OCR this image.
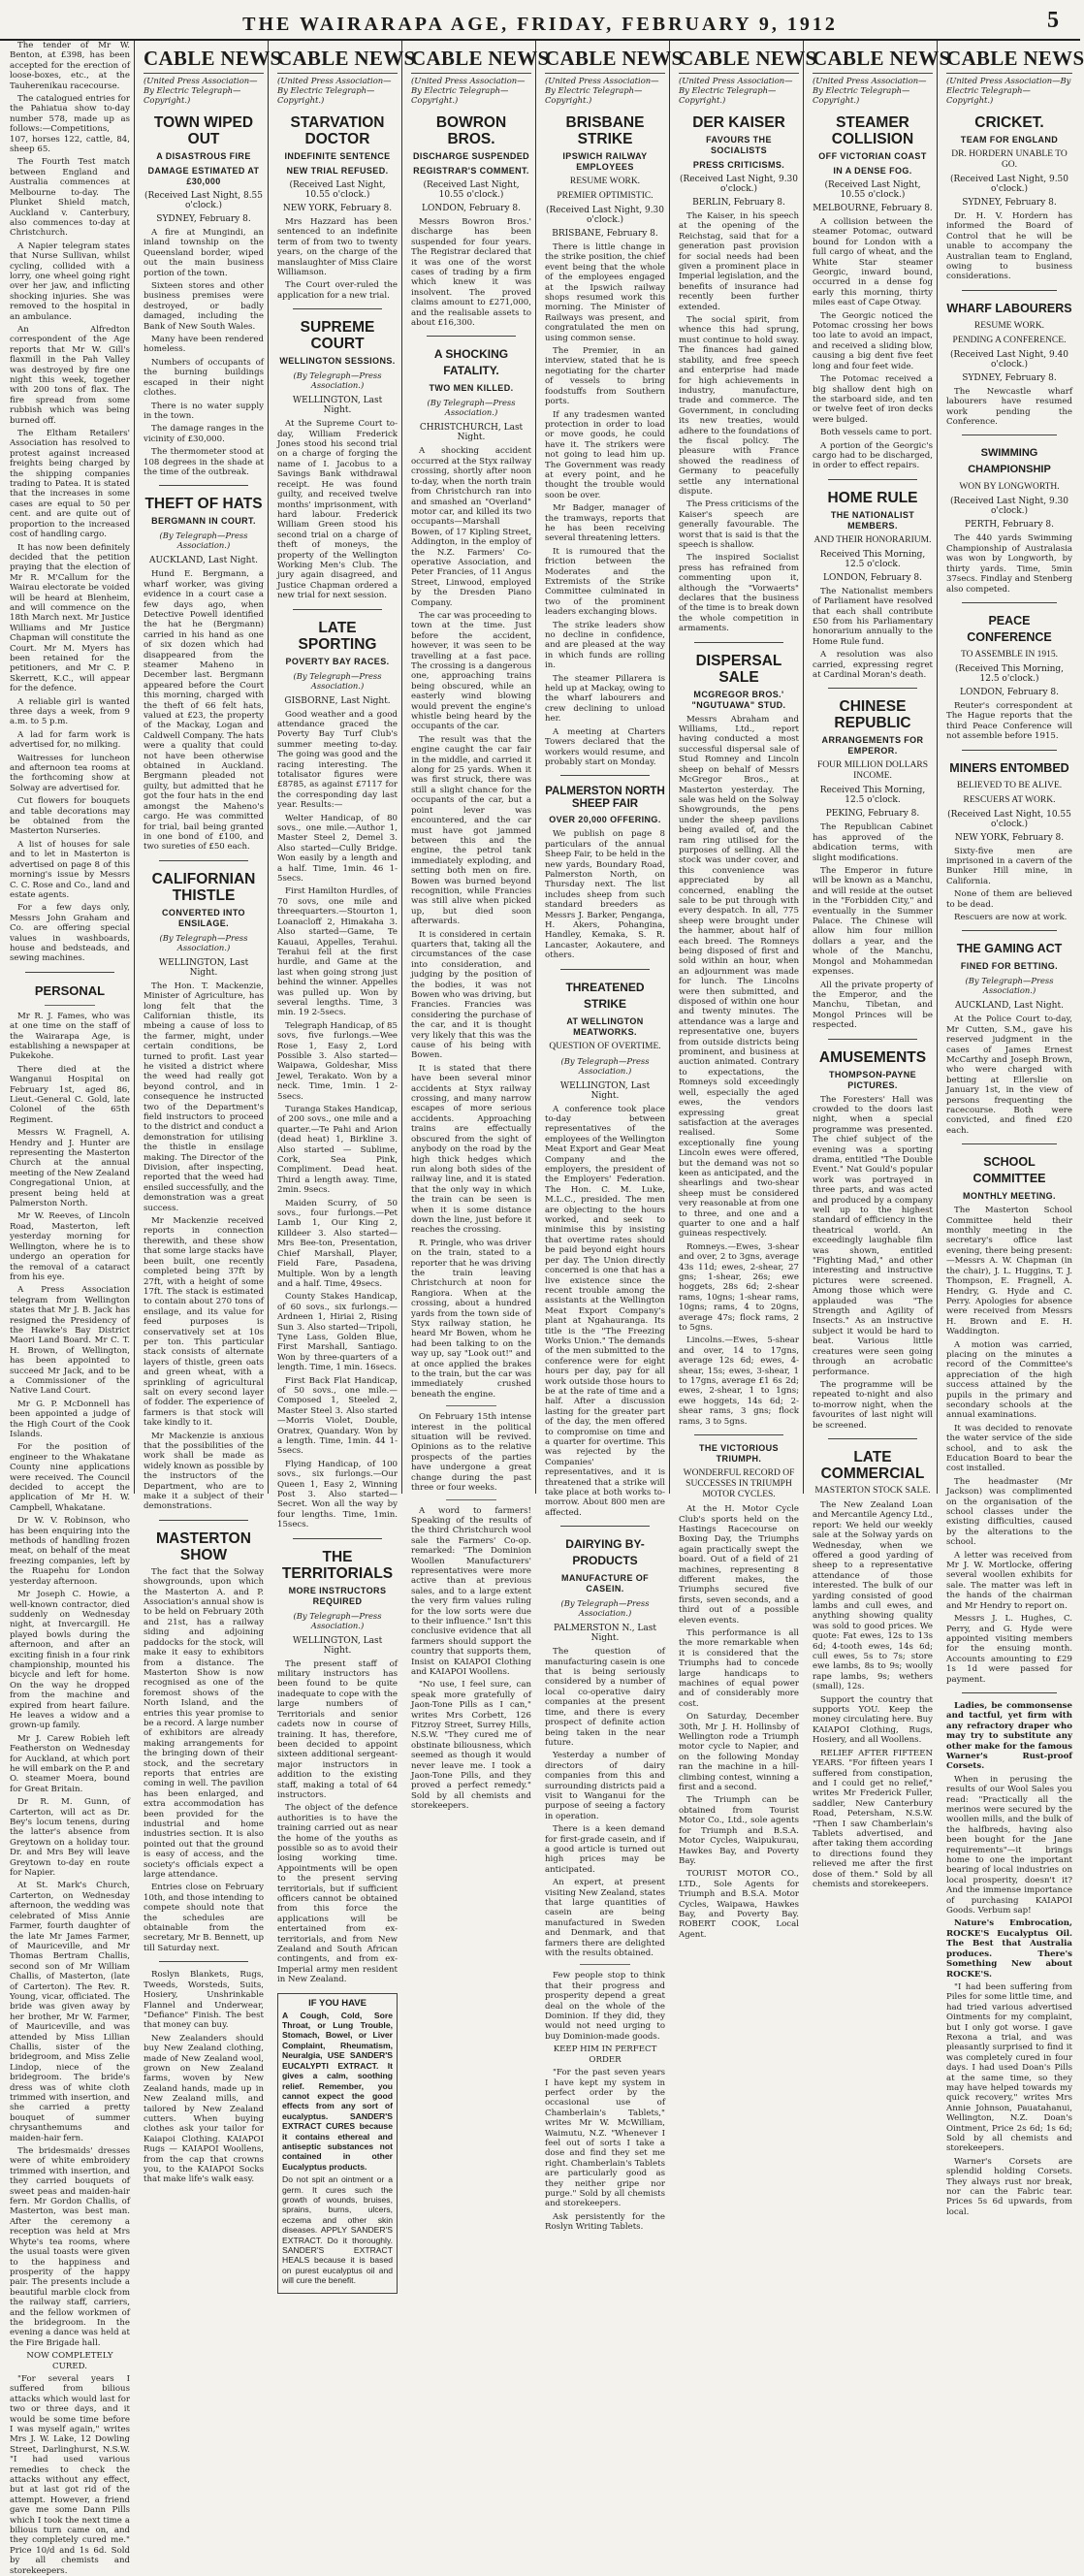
THE WAIRARAPA AGE, FRIDAY, FEBRUARY 9, 1912	5

The tender of Mr W. Benton, at £398, has been accepted for the erection of loose-boxes, etc., at the Tauherenikau racecourse.

The catalogued entries for the Pahiatua show to-day number 578, made up as follows:—Competitions, 107, horses 122, cattle, 84, sheep 65.

The Fourth Test match between England and Australia commences at Melbourne to-day. The Plunket Shield match, Auckland v. Canterbury, also commences to-day at Christchurch.

A Napier telegram states that Nurse Sullivan, whilst cycling, collided with a lorry, one wheel going right over her jaw, and inflicting shocking injuries. She was removed to the hospital in an ambulance.

An Alfredton correspondent of the Age reports that Mr W. Gill's flaxmill in the Pah Valley was destroyed by fire one night this week, together with 200 tons of flax. The fire spread from some rubbish which was being burned off.

The Eltham Retailers' Association has resolved to protest against increased freights being charged by the shipping companies trading to Patea. It is stated that the increases in some cases are equal to 50 per cent. and are quite out of proportion to the increased cost of handling cargo.

It has now been definitely decided that the petition praying that the election of Mr R. M'Callum for the Wairau electorate be voided will be heard at Blenheim, and will commence on the 18th March next. Mr Justice Williams and Mr Justice Chapman will constitute the Court. Mr M. Myers has been retained for the petitioners, and Mr C. P. Skerrett, K.C., will appear for the defence.

A reliable girl is wanted three days a week, from 9 a.m. to 5 p.m.

A lad for farm work is advertised for, no milking.

Waitresses for luncheon and afternoon tea rooms at the forthcoming show at Solway are advertised for.

Cut flowers for bouquets and table decorations may be obtained from the Masterton Nurseries.

A list of houses for sale and to let in Masterton is advertised on page 8 of this morning's issue by Messrs C. C. Rose and Co., land and estate agents.

For a few days only, Messrs John Graham and Co. are offering special values in washboards, house and bedsteads, and sewing machines.

PERSONAL

Mr R. J. Fames, who was at one time on the staff of the Wairarapa Age, is establishing a newspaper at Pukekohe.

There died at the Wanganui Hospital on February 1st, aged 86, Lieut.-General C. Gold, late Colonel of the 65th Regiment.

Messrs W. Fragnell, A. Hendry and J. Hunter are representing the Masterton Church at the annual meeting of the New Zealand Congregational Union, at present being held at Palmerston North.

Mr W. Reeves, of Lincoln Road, Masterton, left yesterday morning for Wellington, where he is to undergo an operation for the removal of a cataract from his eye.

A Press Association telegram from Wellington states that Mr J. B. Jack has resigned the Presidency of the Hawke's Bay District Maori Land Board. Mr C. T. H. Brown, of Wellington, has been appointed to succeed Mr Jack, and to be a Commissioner of the Native Land Court.

Mr G. P. McDonnell has been appointed a judge of the High Court of the Cook Islands.

For the position of engineer to the Whakatane County nine applications were received. The Council decided to accept the application of Mr H. W. Campbell, Whakatane.

Dr W. V. Robinson, who has been enquiring into the methods of handling frozen meat, on behalf of the meat freezing companies, left by the Ruapehu for London yesterday afternoon.

Mr Joseph C. Howie, a well-known contractor, died suddenly on Wednesday night, at Invercargill. He played bowls during the afternoon, and after an exciting finish in a four rink championship, mounted his bicycle and left for home. On the way he dropped from the machine and expired from heart failure. He leaves a widow and a grown-up family.

Mr J. Carew Robieh left Featherston on Wednesday for Auckland, at which port he will embark on the P. and O. steamer Moera, bound for Great Britain.

Dr R. M. Gunn, of Carterton, will act as Dr. Bey's locum tenens, during the latter's absence from Greytown on a holiday tour. Dr. and Mrs Bey will leave Greytown to-day en route for Napier.

At St. Mark's Church, Carterton, on Wednesday afternoon, the wedding was celebrated of Miss Annie Farmer, fourth daughter of the late Mr James Farmer, of Mauriceville, and Mr Thomas Bertram Challis, second son of Mr William Challis, of Masterton, (late of Carterton). The Rev. R. Young, vicar, officiated. The bride was given away by her brother, Mr W. Farmer, of Mauriceville, and was attended by Miss Lillian Challis, sister of the bridegroom, and Miss Zelie Lindop, niece of the bridegroom. The bride's dress was of white cloth trimmed with insertion, and she carried a pretty bouquet of summer chrysanthemums and maiden-hair fern.

The bridesmaids' dresses were of white embroidery trimmed with insertion, and they carried bouquets of sweet peas and maiden-hair fern. Mr Gordon Challis, of Masterton, was best man. After the ceremony a reception was held at Mrs Whyte's tea rooms, where the usual toasts were given to the happiness and prosperity of the happy pair. The presents include a beautiful marble clock from the railway staff, carriers, and the fellow workmen of the bridegroom. In the evening a dance was held at the Fire Brigade hall.

NOW COMPLETELY CURED.

"For several years I suffered from bilious attacks which would last for two or three days, and it would be some time before I was myself again," writes Mrs J. W. Lake, 12 Dowling Street, Darlinghurst, N.S.W. "I had used various remedies to check the attacks without any effect, but at last got rid of the attempt. However, a friend gave me some Dann Pills which I took the next time a bilious turn came on, and they completely cured me." Price 10/d and 1s 6d. Sold by all chemists and storekeepers.

CABLE NEWS
(United Press Association—By Electric Telegraph—Copyright.)
TOWN WIPED OUT
A DISASTROUS FIRE
DAMAGE ESTIMATED AT £30,000
(Received Last Night, 8.55 o'clock.)
SYDNEY, February 8.

A fire at Mungindi, an inland township on the Queensland border, wiped out the main business portion of the town.

Sixteen stores and other business premises were destroyed, or badly damaged, including the Bank of New South Wales.

Many have been rendered homeless.

Numbers of occupants of the burning buildings escaped in their night clothes.

There is no water supply in the town.

The damage ranges in the vicinity of £30,000.

The thermometer stood at 108 degrees in the shade at the time of the outbreak.

THEFT OF HATS
BERGMANN IN COURT.
(By Telegraph—Press Association.)
AUCKLAND, Last Night.

Hund E. Bergmann, a wharf worker, was giving evidence in a court case a few days ago, when Detective Powell identified the hat he (Bergmann) carried in his hand as one of six dozen which had disappeared from the steamer Maheno in December last. Bergmann appeared before the Court this morning, charged with the theft of 66 felt hats, valued at £23, the property of the Mackay, Logan and Caldwell Company. The hats were a quality that could not have been otherwise obtained in Auckland. Bergmann pleaded not guilty, but admitted that he got the four hats in the end amongst the Maheno's cargo. He was committed for trial, bail being granted in one bond of £100, and two sureties of £50 each.

CALIFORNIAN THISTLE
CONVERTED INTO ENSILAGE.
(By Telegraph—Press Association.)
WELLINGTON, Last Night.

The Hon. T. Mackenzie, Minister of Agriculture, has long felt that the Californian thistle, its mbeing a cause of loss to the farmer, might, under certain conditions, be turned to profit. Last year he visited a district where the weed had really got beyond control, and in consequence he instructed two of the Department's field instructors to proceed to the district and conduct a demonstration for utilising the thistle in ensilage making. The Director of the Division, after inspecting, reported that the weed had ensiled successfully, and the demonstration was a great success.

Mr Mackenzie received reports in connection therewith, and these show that some large stacks have been built, one recently completed being 37ft by 27ft, with a height of some 17ft. The stack is estimated to contain about 270 tons of ensilage, and its value for feed purposes is conservatively set at 10s per ton. This particular stack consists of alternate layers of thistle, green oats and green wheat, with a sprinkling of agricultural salt on every second layer of fodder. The experience of farmers is that stock will take kindly to it.

Mr Mackenzie is anxious that the possibilities of the work shall be made as widely known as possible by the instructors of the Department, who are to make it a subject of their demonstrations.

MASTERTON SHOW

The fact that the Solway showgrounds, upon which the Masterton A. and P. Association's annual show is to be held on February 20th and 21st, has a railway siding and adjoining paddocks for the stock, will make it easy to exhibitors from a distance. The Masterton Show is now recognised as one of the foremost shows of the North Island, and the entries this year promise to be a record. A large number of exhibitors are already making arrangements for the bringing down of their stock, and the secretary reports that entries are coming in well. The pavilion has been enlarged, and extra accommodation has been provided for the industrial and home industries section. It is also pointed out that the ground is easy of access, and the society's officials expect a large attendance.

Entries close on February 10th, and those intending to compete should note that the schedules are obtainable from the secretary, Mr B. Bennett, up till Saturday next.

Roslyn Blankets, Rugs, Tweeds, Worsteds, Suits, Hosiery, Unshrinkable Flannel and Underwear, "Defiance" Finish. The best that money can buy.

New Zealanders should buy New Zealand clothing, made of New Zealand wool, grown on New Zealand farms, woven by New Zealand hands, made up in New Zealand mills, and tailored by New Zealand cutters. When buying clothes ask your tailor for Kaiapoi Clothing. KAIAPOI Rugs — KAIAPOI Woollens, from the cap that crowns you, to the KAIAPOI Socks that make life's walk easy.

CABLE NEWS
(United Press Association—By Electric Telegraph—Copyright.)
STARVATION DOCTOR
INDEFINITE SENTENCE
NEW TRIAL REFUSED.
(Received Last Night, 10.55 o'clock.)
NEW YORK, February 8.

Mrs Hazzard has been sentenced to an indefinite term of from two to twenty years, on the charge of the manslaughter of Miss Claire Williamson.

The Court over-ruled the application for a new trial.

SUPREME COURT
WELLINGTON SESSIONS.
(By Telegraph—Press Association.)
WELLINGTON, Last Night.

At the Supreme Court to-day, William Frederick Jones stood his second trial on a charge of forging the name of I. Jacobus to a Savings Bank withdrawal receipt. He was found guilty, and received twelve months' imprisonment, with hard labour. Frederick William Green stood his second trial on a charge of theft of moneys, the property of the Wellington Working Men's Club. The jury again disagreed, and Justice Chapman ordered a new trial for next session.

LATE SPORTING
POVERTY BAY RACES.
(By Telegraph—Press Association.)
GISBORNE, Last Night.

Good weather and a good attendance graced the Poverty Bay Turf Club's summer meeting to-day. The going was good and the racing interesting. The totalisator figures were £8785, as against £7117 for the corresponding day last year. Results:—

Welter Handicap, of 80 sovs., one mile.—Author 1, Master Steel 2, Demel 3. Also started—Cully Bridge. Won easily by a length and a half. Time, 1min. 46 1-5secs.

First Hamilton Hurdles, of 70 sovs, one mile and threequarters.—Stourton 1, Loanacloff 2, Himakaha 3. Also started—Game, Te Kauaui, Appelles, Terahui. Terahui fell at the first hurdle, and Game at the last when going strong just behind the winner. Appelles was pulled up. Won by several lengths. Time, 3 min. 19 2-5secs.

Telegraph Handicap, of 85 sovs, five furlongs.—Wee Rose 1, Easy 2, Lord Possible 3. Also started—Waipawa, Goldeshar, Miss Jewel, Terakato. Won by a neck. Time, 1min. 1 2-5secs.

Turanga Stakes Handicap, of 200 sovs., one mile and a quarter.—Te Pahi and Arion (dead heat) 1, Birkline 3. Also started — Sublime, Cork, Sea Pink, Compliment. Dead heat. Third a length away. Time, 2min. 9secs.

Maiden Scurry, of 50 sovs., four furlongs.—Pet Lamb 1, Our King 2, Killdeer 3. Also started—Mrs Bee-ton, Presentation, Chief Marshall, Player, Field Fare, Pasadena, Multiple. Won by a length and a half. Time, 49secs.

County Stakes Handicap, of 60 sovs., six furlongs.—Ardneen 1, Hiriai 2, Rising Sun 3. Also started—Tripoli, Tyne Lass, Golden Blue, First Marshall, Santiago. Won by three-quarters of a length. Time, 1 min. 16secs.

First Back Flat Handicap, of 50 sovs., one mile.—Composed 1, Steeled 2, Master Steel 3. Also started—Morris Violet, Double, Oratrex, Quandary. Won by a length. Time, 1min. 44 1-5secs.

Flying Handicap, of 100 sovs., six furlongs.—Our Queen 1, Easy 2, Winning Post 3. Also started—Secret. Won all the way by four lengths. Time, 1min. 15secs.

THE TERRITORIALS
MORE INSTRUCTORS REQUIRED
(By Telegraph—Press Association.)
WELLINGTON, Last Night.

The present staff of military instructors has been found to be quite inadequate to cope with the large numbers of Territorials and senior cadets now in course of training. It has, therefore, been decided to appoint sixteen additional sergeant-major instructors in addition to the existing staff, making a total of 64 instructors.

The object of the defence authorities is to have the training carried out as near the home of the youths as possible so as to avoid their losing working time. Appointments will be open to the present serving territorials, but if sufficient officers cannot be obtained from this force the applications will be entertained from ex-territorials, and from New Zealand and South African contingents, and from ex-Imperial army men resident in New Zealand.

IF YOU HAVE

A Cough, Cold, Sore Throat, or Lung Trouble, Stomach, Bowel, or Liver Complaint, Rheumatism, Neuralgia, USE SANDER'S EUCALYPTI EXTRACT. It gives a calm, soothing relief. Remember, you cannot expect the good effects from any sort of eucalyptus. SANDER'S EXTRACT CURES because it contains ethereal and antiseptic substances not contained in other Eucalyptus products.

Do not spit an ointment or a germ. It cures such the growth of wounds, bruises, sprains, burns, ulcers, eczema and other skin diseases. APPLY SANDER'S EXTRACT. Do it thoroughly. SANDER'S EXTRACT HEALS because it is based on purest eucalyptus oil and will cure the benefit.

CABLE NEWS
(United Press Association—By Electric Telegraph—Copyright.)
BOWRON BROS.
DISCHARGE SUSPENDED
REGISTRAR'S COMMENT.
(Received Last Night, 10.55 o'clock.)
LONDON, February 8.

Messrs Bowron Bros.' discharge has been suspended for four years. The Registrar declared that it was one of the worst cases of trading by a firm which knew it was insolvent. The proved claims amount to £271,000, and the realisable assets to about £16,300.

A SHOCKING FATALITY.
TWO MEN KILLED.
(By Telegraph—Press Association.)
CHRISTCHURCH, Last Night.

A shocking accident occurred at the Styx railway crossing, shortly after noon to-day, when the north train from Christchurch ran into and smashed an "Overland" motor car, and killed its two occupants—Marshall Bowen, of 17 Kipling Street, Addington, in the employ of the N.Z. Farmers' Co-operative Association, and Peter Francies, of 11 Angus Street, Linwood, employed by the Dresden Piano Company.

The car was proceeding to town at the time. Just before the accident, however, it was seen to be travelling at a fast pace. The crossing is a dangerous one, approaching trains being obscured, while an easterly wind blowing would prevent the engine's whistle being heard by the occupants of the car.

The result was that the engine caught the car fair in the middle, and carried it along for 25 yards. When it was first struck, there was still a slight chance for the occupants of the car, but a point lever was encountered, and the car must have got jammed between this and the engine, the petrol tank immediately exploding, and setting both men on fire. Bowen was burned beyond recognition, while Francies was still alive when picked up, but died soon afterwards.

It is considered in certain quarters that, taking all the circumstances of the case into consideration, and judging by the position of the bodies, it was not Bowen who was driving, but Francies. Francies was considering the purchase of the car, and it is thought very likely that this was the cause of his being with Bowen.

It is stated that there have been several minor accidents at Styx railway crossing, and many narrow escapes of more serious accidents. Approaching trains are effectually obscured from the sight of anybody on the road by the high thick hedges which run along both sides of the railway line, and it is stated that the only way in which the train can be seen is when it is some distance down the line, just before it reaches the crossing.

R. Pringle, who was driver on the train, stated to a reporter that he was driving the train leaving Christchurch at noon for Rangiora. When at the crossing, about a hundred yards from the town side of Styx railway station, he heard Mr Bowen, whom he had been talking to on the way up, say "Look out!" and at once applied the brakes to the train, but the car was immediately crushed beneath the engine.

On February 15th intense interest in the political situation will be revived. Opinions as to the relative prospects of the parties have undergone a great change during the past three or four weeks.

A word to farmers! Speaking of the results of the third Christchurch wool sale the Farmers' Co-op. remarked: "The Dominion Woollen Manufacturers' representatives were more active than at previous sales, and to a large extent the very firm values ruling for the low sorts were due to their influence." Isn't this conclusive evidence that all farmers should support the country that supports them, Insist on KAIAPOI Clothing and KAIAPOI Woollens.

"No use, I feel sure, can speak more gratefully of Jaon-Tone Pills as I can," writes Mrs Corbett, 126 Fitzroy Street, Surrey Hills, N.S.W. "They cured me of obstinate biliousness, which seemed as though it would never leave me. I took a Jaon-Tone Pills, and they proved a perfect remedy." Sold by all chemists and storekeepers.

CABLE NEWS
(United Press Association—By Electric Telegraph—Copyright.)
BRISBANE STRIKE
IPSWICH RAILWAY EMPLOYEES
RESUME WORK.
PREMIER OPTIMISTIC.
(Received Last Night, 9.30 o'clock.)
BRISBANE, February 8.

There is little change in the strike position, the chief event being that the whole of the employees engaged at the Ipswich railway shops resumed work this morning. The Minister of Railways was present, and congratulated the men on using common sense.

The Premier, in an interview, stated that he is negotiating for the charter of vessels to bring foodstuffs from Southern ports.

If any tradesmen wanted protection in order to load or move goods, he could have it. The strikers were not going to lead him up. The Government was ready at every point, and he thought the trouble would soon be over.

Mr Badger, manager of the tramways, reports that he has been receiving several threatening letters.

It is rumoured that the friction between the Moderates and the Extremists of the Strike Committee culminated in two of the prominent leaders exchanging blows.

The strike leaders show no decline in confidence, and are pleased at the way in which funds are rolling in.

The steamer Pillarera is held up at Mackay, owing to the wharf labourers and crew declining to unload her.

A meeting at Charters Towers declared that the workers would resume, and probably start on Monday.

PALMERSTON NORTH SHEEP FAIR
OVER 20,000 OFFERING.

We publish on page 8 particulars of the annual Sheep Fair, to be held in the new yards, Boundary Road, Palmerston North, on Thursday next. The list includes sheep from such standard breeders as Messrs J. Barker, Penganga, H. Akers, Pohangina, Handley, Kemaka, S. R. Lancaster, Aokautere, and others.

THREATENED STRIKE
AT WELLINGTON MEATWORKS.
QUESTION OF OVERTIME.
(By Telegraph—Press Association.)
WELLINGTON, Last Night.

A conference took place to-day between representatives of the employees of the Wellington Meat Export and Gear Meat Company and the employers, the president of the Employers' Federation. The Hon. C. M. Luke, M.L.C., presided. The men are objecting to the hours worked, and seek to minimise this by insisting that overtime rates should be paid beyond eight hours per day. The Union directly concerned is one that has a live existence since the recent trouble among the assistants at the Wellington Meat Export Company's plant at Ngahauranga. Its title is the "The Freezing Works Union." The demands of the men submitted to the conference were for eight hours per day, pay for all work outside those hours to be at the rate of time and a half. After a discussion lasting for the greater part of the day, the men offered to compromise on time and a quarter for overtime. This was rejected by the Companies' representatives, and it is threatened that a strike will take place at both works to-morrow. About 800 men are affected.

DAIRYING BY-PRODUCTS
MANUFACTURE OF CASEIN.
(By Telegraph—Press Association.)
PALMERSTON N., Last Night.

The question of manufacturing casein is one that is being seriously considered by a number of local co-operative dairy companies at the present time, and there is every prospect of definite action being taken in the near future.

Yesterday a number of directors of dairy companies from this and surrounding districts paid a visit to Wanganui for the purpose of seeing a factory in operation.

There is a keen demand for first-grade casein, and if a good article is turned out high prices may be anticipated.

An expert, at present visiting New Zealand, states that large quantities of casein are being manufactured in Sweden and Denmark, and that farmers there are delighted with the results obtained.

Few people stop to think that their progress and prosperity depend a great deal on the whole of the Dominion. If they did, they would not need urging to buy Dominion-made goods.

KEEP HIM IN PERFECT ORDER

"For the past seven years I have kept my system in perfect order by the occasional use of Chamberlain's Tablets," writes Mr W. McWilliam, Waimutu, N.Z. "Whenever I feel out of sorts I take a dose and find they set me right. Chamberlain's Tablets are particularly good as they neither gripe nor purge." Sold by all chemists and storekeepers.

Ask persistently for the Roslyn Writing Tablets.

CABLE NEWS
(United Press Association—By Electric Telegraph—Copyright.)
DER KAISER
FAVOURS THE SOCIALISTS
PRESS CRITICISMS.
(Received Last Night, 9.30 o'clock.)
BERLIN, February 8.

The Kaiser, in his speech at the opening of the Reichstag, said that for a generation past provision for social needs had been given a prominent place in Imperial legislation, and the benefits of insurance had recently been further extended.

The social spirit, from whence this had sprung, must continue to hold sway. The finances had gained stability, and free speech and enterprise had made for high achievements in industry, manufacture, trade and commerce. The Government, in concluding its new treaties, would adhere to the foundations of the fiscal policy. The pleasure with France showed the readiness of Germany to peacefully settle any international dispute.

The Press criticisms of the Kaiser's speech are generally favourable. The worst that is said is that the speech is shallow.

The inspired Socialist press has refrained from commenting upon it, although the "Vorwaerts" declares that the business of the time is to break down the whole competition in armaments.

DISPERSAL SALE
MCGREGOR BROS.' "NGUTUAWA" STUD.

Messrs Abraham and Williams, Ltd., report having conducted a most successful dispersal sale of Stud Romney and Lincoln sheep on behalf of Messrs McGregor Bros., at Masterton yesterday. The sale was held on the Solway Showgrounds, the pens under the sheep pavilions being availed of, and the ram ring utilised for the purposes of selling. All the stock was under cover, and this convenience was appreciated by all concerned, enabling the sale to be put through with every despatch. In all, 775 sheep were brought under the hammer, about half of each breed. The Romneys being disposed of first and sold within an hour, when an adjournment was made for lunch. The Lincolns were then submitted, and disposed of within one hour and twenty minutes. The attendance was a large and representative one, buyers from outside districts being prominent, and business at auction animated. Contrary to expectations, the Romneys sold exceedingly well, especially the aged ewes, the vendors expressing great satisfaction at the averages realised. Some exceptionally fine young Lincoln ewes were offered, but the demand was not so keen as anticipated, and the shearlings and two-shear sheep must be considered very reasonable at from one to three, and one and a quarter to one and a half guineas respectively.

Romneys.—Ewes, 3-shear and over, 2 to 3gns, average 43s 11d; ewes, 2-shear, 27 gns; 1-shear, 26s; ewe hoggets, 28s 6d; 2-shear rams, 10gns; 1-shear rams, 10gns; rams, 4 to 20gns, average 47s; flock rams, 2 to 5gns.

Lincolns.—Ewes, 5-shear and over, 14 to 17gns, average 12s 6d; ewes, 4-shear, 15s; ewes, 3-shear, 1 to 17gns, average £1 6s 2d; ewes, 2-shear, 1 to 1gns; ewe hoggets, 14s 6d; 2-shear rams, 3 gns; flock rams, 3 to 5gns.

THE VICTORIOUS TRIUMPH.
WONDERFUL RECORD OF SUCCESSES IN TRIUMPH MOTOR CYCLES.

At the H. Motor Cycle Club's sports held on the Hastings Racecourse on Boxing Day, the Triumphs again practically swept the board. Out of a field of 21 machines, representing 8 different makes, the Triumphs secured five firsts, seven seconds, and a third out of a possible eleven events.

This performance is all the more remarkable when it is considered that the Triumphs had to concede large handicaps to machines of equal power and of considerably more cost.

On Saturday, December 30th, Mr J. H. Hollinsby of Wellington rode a Triumph motor cycle to Napier, and on the following Monday ran the machine in a hill-climbing contest, winning a first and a second.

The Triumph can be obtained from Tourist Motor Co., Ltd., sole agents for Triumph and B.S.A. Motor Cycles, Waipukurau, Hawkes Bay, and Poverty Bay.

TOURIST MOTOR CO., LTD., Sole Agents for Triumph and B.S.A. Motor Cycles, Waipawa, Hawkes Bay, and Poverty Bay. ROBERT COOK, Local Agent.

CABLE NEWS
(United Press Association—By Electric Telegraph—Copyright.)
STEAMER COLLISION
OFF VICTORIAN COAST
IN A DENSE FOG.
(Received Last Night, 10.55 o'clock.)
MELBOURNE, February 8.

A collision between the steamer Potomac, outward bound for London with a full cargo of wheat, and the White Star steamer Georgic, inward bound, occurred in a dense fog early this morning, thirty miles east of Cape Otway.

The Georgic noticed the Potomac crossing her bows too late to avoid an impact, and received a sliding blow, causing a big dent five feet long and four feet wide.

The Potomac received a big shallow dent high on the starboard side, and ten or twelve feet of iron decks were bulged.

Both vessels came to port.

A portion of the Georgic's cargo had to be discharged, in order to effect repairs.

HOME RULE
THE NATIONALIST MEMBERS.
AND THEIR HONORARIUM.
Received This Morning, 12.5 o'clock.
LONDON, February 8.

The Nationalist members of Parliament have resolved that each shall contribute £50 from his Parliamentary honorarium annually to the Home Rule fund.

A resolution was also carried, expressing regret at Cardinal Moran's death.

CHINESE REPUBLIC
ARRANGEMENTS FOR EMPEROR.
FOUR MILLION DOLLARS INCOME.
Received This Morning, 12.5 o'clock.
PEKING, February 8.

The Republican Cabinet has approved of the abdication terms, with slight modifications.

The Emperor in future will be known as a Manchu, and will reside at the outset in the "Forbidden City," and eventually in the Summer Palace. The Chinese will allow him four million dollars a year, and the whole of the Manchu, Mongol and Mohammedan expenses.

All the private property of the Emperor, and the Manchu, Tibetan, and Mongol Princes will be respected.

AMUSEMENTS
THOMPSON-PAYNE PICTURES.

The Foresters' Hall was crowded to the doors last night, when a special programme was presented. The chief subject of the evening was a sporting drama, entitled "The Double Event." Nat Gould's popular work was portrayed in three parts, and was acted and produced by a company well up to the highest standard of efficiency in the theatrical world. An exceedingly laughable film was shown, entitled "Fighting Mad," and other interesting and instructive pictures were screened. Among those which were applauded was "The Strength and Agility of Insects." As an instructive subject it would be hard to beat. Various little creatures were seen going through an acrobatic performance.

The programme will be repeated to-night and also to-morrow night, when the favourites of last night will be screened.

LATE COMMERCIAL
MASTERTON STOCK SALE.

The New Zealand Loan and Mercantile Agency Ltd., report: We held our weekly sale at the Solway yards on Wednesday, when we offered a good yarding of sheep to a representative attendance of those interested. The bulk of our yarding consisted of good lambs and cull ewes, and anything showing quality was sold to good prices. We quote: Fat ewes, 12s to 13s 6d; 4-tooth ewes, 14s 6d; cull ewes, 5s to 7s; store ewe lambs, 8s to 9s; woolly rape lambs, 9s; wethers (small), 12s.

Support the country that supports YOU. Keep the money circulating here. Buy KAIAPOI Clothing, Rugs, Hosiery, and all Woollens.

RELIEF AFTER FIFTEEN YEARS. "For fifteen years I suffered from constipation, and I could get no relief," writes Mr Frederick Fuller, saddler, New Canterbury Road, Petersham, N.S.W. "Then I saw Chamberlain's Tablets advertised, and after taking them according to directions found they relieved me after the first dose of them." Sold by all chemists and storekeepers.

CABLE NEWS
(United Press Association—By Electric Telegraph—Copyright.)
CRICKET.
TEAM FOR ENGLAND
DR. HORDERN UNABLE TO GO.
(Received Last Night, 9.50 o'clock.)
SYDNEY, February 8.

Dr. H. V. Hordern has informed the Board of Control that he will be unable to accompany the Australian team to England, owing to business considerations.

WHARF LABOURERS
RESUME WORK.
PENDING A CONFERENCE.
(Received Last Night, 9.40 o'clock.)
SYDNEY, February 8.

The Newcastle wharf labourers have resumed work pending the Conference.

SWIMMING CHAMPIONSHIP
WON BY LONGWORTH.
(Received Last Night, 9.30 o'clock.)
PERTH, February 8.

The 440 yards Swimming Championship of Australasia was won by Longworth, by thirty yards. Time, 5min 37secs. Findlay and Stenberg also competed.

PEACE CONFERENCE
TO ASSEMBLE IN 1915.
(Received This Morning, 12.5 o'clock.)
LONDON, February 8.

Reuter's correspondent at The Hague reports that the third Peace Conference will not assemble before 1915.

MINERS ENTOMBED
BELIEVED TO BE ALIVE.
RESCUERS AT WORK.
(Received Last Night, 10.55 o'clock.)
NEW YORK, February 8.

Sixty-five men are imprisoned in a cavern of the Bunker Hill mine, in California.

None of them are believed to be dead.

Rescuers are now at work.

THE GAMING ACT
FINED FOR BETTING.
(By Telegraph—Press Association.)
AUCKLAND, Last Night.

At the Police Court to-day, Mr Cutten, S.M., gave his reserved judgment in the cases of James Ernest McCarthy and Joseph Brown, who were charged with betting at Ellerslie on January 1st, in the view of persons frequenting the racecourse. Both were convicted, and fined £20 each.

SCHOOL COMMITTEE
MONTHLY MEETING.

The Masterton School Committee held their monthly meeting in the secretary's office last evening, there being present:—Messrs A. W. Chapman (in the chair), J. L. Huggins, T. J. Thompson, E. Fragnell, A. Hendry, G. Hyde and C. Perry. Apologies for absence were received from Messrs H. Brown and E. H. Waddington.

A motion was carried, placing on the minutes a record of the Committee's appreciation of the high success attained by the pupils in the primary and secondary schools at the annual examinations.

It was decided to renovate the water service of the side school, and to ask the Education Board to bear the cost installed.

The headmaster (Mr Jackson) was complimented on the organisation of the school classes under the existing difficulties, caused by the alterations to the school.

A letter was received from Mr J. W. Mortlocke, offering several woollen exhibits for sale. The matter was left in the hands of the chairman and Mr Hendry to report on.

Messrs J. L. Hughes, C. Perry, and G. Hyde were appointed visiting members for the ensuing month. Accounts amounting to £29 1s 1d were passed for payment.

Ladies, be commonsense and tactful, yet firm with any refractory draper who may try to substitute any other make for the famous Warner's Rust-proof Corsets.

When in perusing the results of our Wool Sales you read: "Practically all the merinos were secured by the woollen mills, and the bulk of the halfbreds, having also been bought for the Jane requirements"—it brings home to one the important bearing of local industries on local prosperity, doesn't it? And the immense importance of purchasing KAIAPOI Goods. Verbum sap!

Nature's Embrocation, ROCKE'S Eucalyptus Oil. The Best that Australia produces. There's Something New about ROCKE'S.

"I had been suffering from Piles for some little time, and had tried various advertised Ointments for my complaint, but I only got worse. I gave Rexona a trial, and was pleasantly surprised to find it was completely cured in four days. I had used Doan's Pills at the same time, so they may have helped towards my quick recovery," writes Mrs Annie Johnson, Pauatahanui, Wellington, N.Z. Doan's Ointment, Price 2s 6d; 1s 6d; Sold by all chemists and storekeepers.

Warner's Corsets are splendid holding Corsets. They always rust nor break, nor can the Fabric tear. Prices 5s 6d upwards, from local.
